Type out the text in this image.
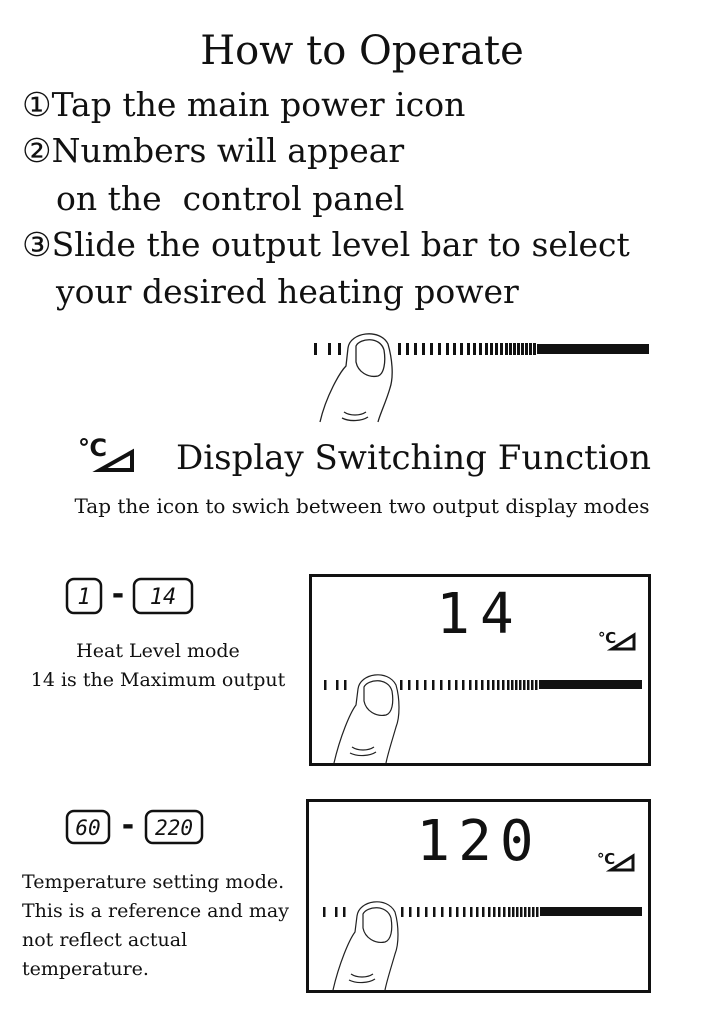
How to Operate
①Tap the main power icon
②Numbers will appear
on the  control panel
③Slide the output level bar to select
your desired heating power
℃ Display Switching Function
Tap the icon to swich between two output display modes
1 - 14
Heat Level mode
14 is the Maximum output
14	℃
60 - 220
Temperature setting mode.
This is a reference and may
not reflect actual
temperature.
120	℃
